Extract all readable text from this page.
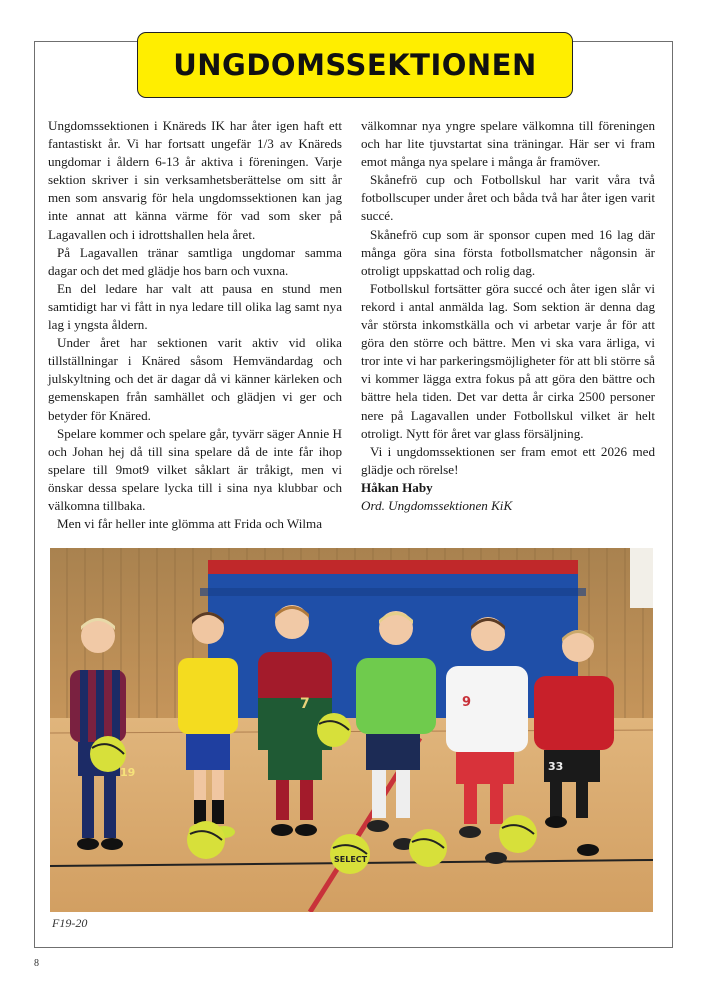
UNGDOMSSEKTIONEN

Ungdomssektionen i Knäreds IK har åter igen haft ett fantastiskt år. Vi har fortsatt ungefär 1/3 av Knäreds ungdomar i åldern 6-13 år aktiva i föreningen. Varje sektion skriver i sin verksamhetsberättelse om sitt år men som ansvarig för hela ungdomssektionen kan jag inte annat att känna värme för vad som sker på Lagavallen och i idrottshallen hela året.

På Lagavallen tränar samtliga ungdomar samma dagar och det med glädje hos barn och vuxna.

En del ledare har valt att pausa en stund men samtidigt har vi fått in nya ledare till olika lag samt nya lag i yngsta åldern.

Under året har sektionen varit aktiv vid olika tillställningar i Knäred såsom Hemvändardag och julskyltning och det är dagar då vi känner kärleken och gemenskapen från samhället och glädjen vi ger och betyder för Knäred.

Spelare kommer och spelare går, tyvärr säger Annie H och Johan hej då till sina spelare då de inte får ihop spelare till 9mot9 vilket såklart är tråkigt, men vi önskar dessa spelare lycka till i sina nya klubbar och välkomna tillbaka.

Men vi får heller inte glömma att Frida och Wilma

välkomnar nya yngre spelare välkomna till föreningen och har lite tjuvstartat sina träningar. Här ser vi fram emot många nya spelare i många år framöver.

Skånefrö cup och Fotbollskul har varit våra två fotbollscuper under året och båda två har åter igen varit succé.

Skånefrö cup som är sponsor cupen med 16 lag där många göra sina första fotbollsmatcher någonsin är otroligt uppskattad och rolig dag.

Fotbollskul fortsätter göra succé och åter igen slår vi rekord i antal anmälda lag. Som sektion är denna dag vår största inkomstkälla och vi arbetar varje år för att göra den större och bättre. Men vi ska vara ärliga, vi tror inte vi har parkeringsmöjligheter för att bli större så vi kommer lägga extra fokus på att göra den bättre och bättre hela tiden. Det var detta år cirka 2500 personer nere på Lagavallen under Fotbollskul vilket är helt otroligt. Nytt för året var glass försäljning.

Vi i ungdomssektionen ser fram emot ett 2026 med glädje och rörelse!

Håkan Haby

Ord. Ungdomssektionen KiK

19
7
SELECT
9
33
F19-20
8
